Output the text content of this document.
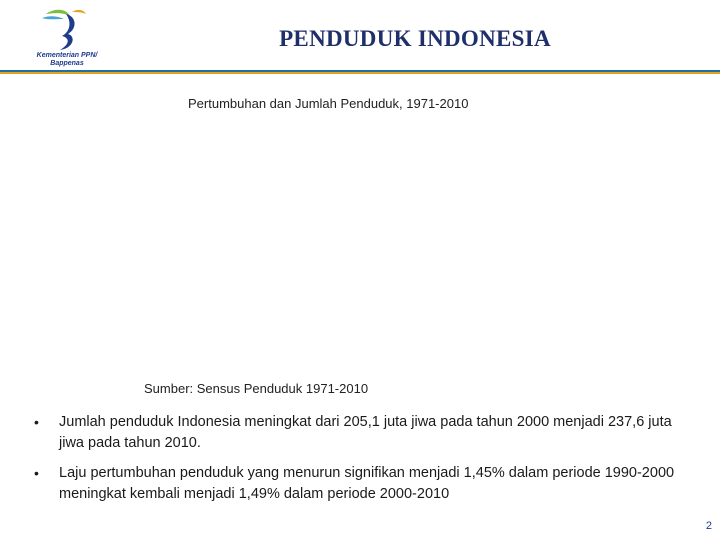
Kementerian PPN/
Bappenas
PENDUDUK INDONESIA
Pertumbuhan dan Jumlah Penduduk, 1971-2010
Sumber: Sensus Penduduk 1971-2010
• Jumlah penduduk Indonesia meningkat dari 205,1 juta jiwa pada tahun 2000 menjadi 237,6 juta jiwa pada tahun 2010.
• Laju pertumbuhan penduduk yang menurun signifikan menjadi 1,45% dalam periode 1990-2000 meningkat kembali menjadi 1,49% dalam periode 2000-2010
2
